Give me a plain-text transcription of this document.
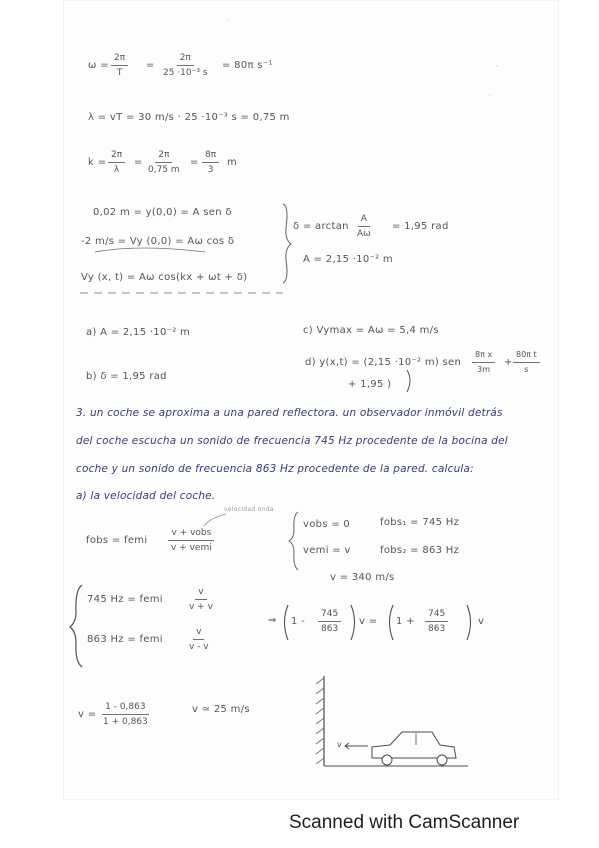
$\omega = \frac{2\pi}{T} = \frac{2\pi}{\text{25 ·10⁻³ s}} = 80\pi$ s⁻¹
λ = vT = 30 m/s · 25 ·10⁻³ s = 0,75 m
$k = \frac{2\pi}{\lambda} = \frac{2\pi}{0,75 m} = \frac{8\pi}{3}$ m
0,02 m = y(0,0) = A sen δ
-2 m/s = Vy (0,0) = Aω cos δ
$\delta = \arctan \frac{A}{A\omega} = 1,95$ rad
A = 2,15 ·10⁻² m
Vy (x, t) = Aω cos(kx + ωt + δ)
a) A = 2,15 ·10⁻² m
b) δ = 1,95 rad
c) Vymax = Aω = 5,4 m/s
d) y(x,t) = (2,15 ·10⁻² m) sen $\frac{\text{8π x}}{3m} + \frac{\text{80π t}}{s}$
+ 1,95 )
3. un coche se aproxima a una pared reflectora. un observador inmóvil detrás
del coche escucha un sonido de frecuencia 745 Hz procedente de la bocina del
coche y un sonido de frecuencia 863 Hz procedente de la pared. calcula:
a) la velocidad del coche.
fobs = femi
v + vobs
v + vemi
velocidad onda
vobs = 0
vemi = v
fobs₁ = 745 Hz
fobs₂ = 863 Hz
v = 340 m/s
745 Hz = femi	$\frac{v}{v + v}$
863 Hz = femi	$\frac{v}{v - v}$
⇒ $1 - \frac{745}{863}$ $v = 1 + \frac{745}{863}$	v
$v = \frac{1 - 0,863}{1 + 0,863}$	v ≃ 25 m/s
v
Scanned with CamScanner
